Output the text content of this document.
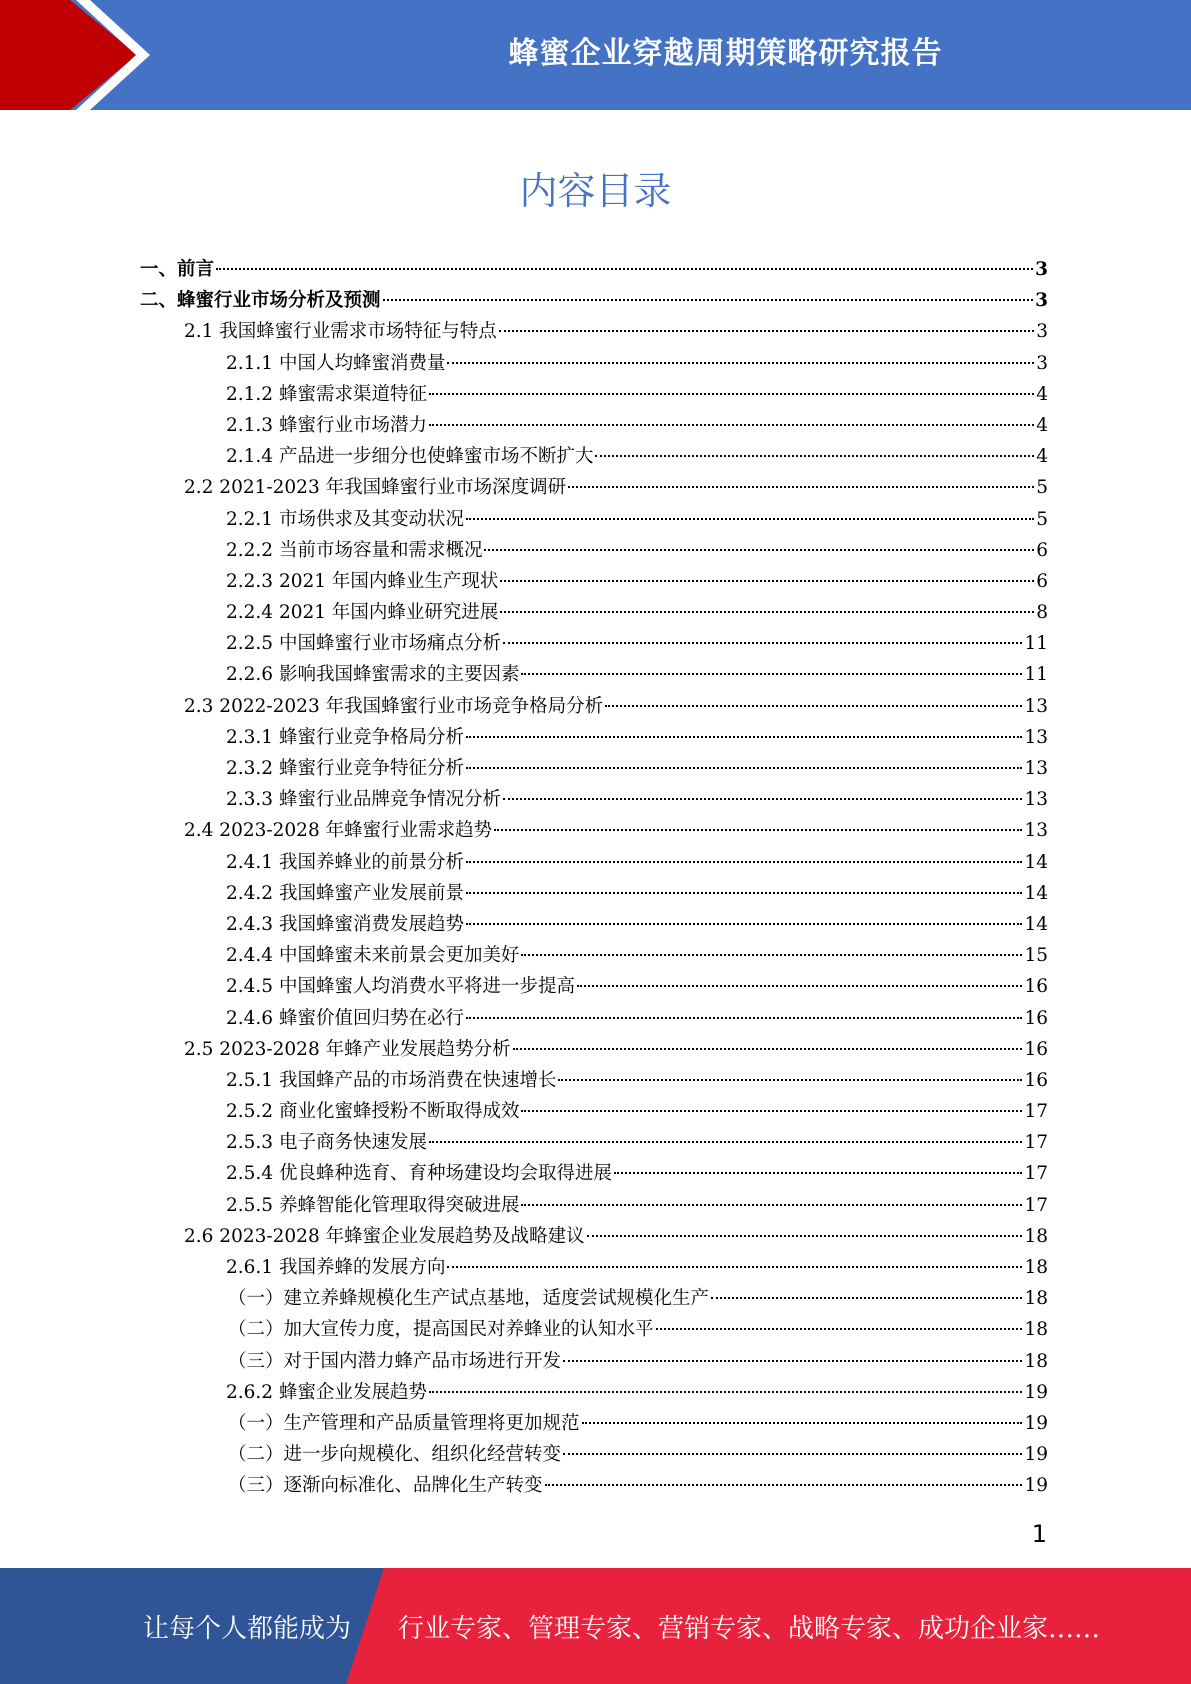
蜂蜜企业穿越周期策略研究报告
内容目录
一、前言	3
二、蜂蜜行业市场分析及预测	3
2.1 我国蜂蜜行业需求市场特征与特点	3
2.1.1 中国人均蜂蜜消费量	3
2.1.2 蜂蜜需求渠道特征	4
2.1.3 蜂蜜行业市场潜力	4
2.1.4 产品进一步细分也使蜂蜜市场不断扩大	4
2.2 2021-2023 年我国蜂蜜行业市场深度调研	5
2.2.1 市场供求及其变动状况	5
2.2.2 当前市场容量和需求概况	6
2.2.3 2021 年国内蜂业生产现状	6
2.2.4 2021 年国内蜂业研究进展	8
2.2.5 中国蜂蜜行业市场痛点分析	11
2.2.6 影响我国蜂蜜需求的主要因素	11
2.3 2022-2023 年我国蜂蜜行业市场竞争格局分析	13
2.3.1 蜂蜜行业竞争格局分析	13
2.3.2 蜂蜜行业竞争特征分析	13
2.3.3 蜂蜜行业品牌竞争情况分析	13
2.4 2023-2028 年蜂蜜行业需求趋势	13
2.4.1 我国养蜂业的前景分析	14
2.4.2 我国蜂蜜产业发展前景	14
2.4.3 我国蜂蜜消费发展趋势	14
2.4.4 中国蜂蜜未来前景会更加美好	15
2.4.5 中国蜂蜜人均消费水平将进一步提高	16
2.4.6 蜂蜜价值回归势在必行	16
2.5 2023-2028 年蜂产业发展趋势分析	16
2.5.1 我国蜂产品的市场消费在快速增长	16
2.5.2 商业化蜜蜂授粉不断取得成效	17
2.5.3 电子商务快速发展	17
2.5.4 优良蜂种选育、育种场建设均会取得进展	17
2.5.5 养蜂智能化管理取得突破进展	17
2.6 2023-2028 年蜂蜜企业发展趋势及战略建议	18
2.6.1 我国养蜂的发展方向	18
（一）建立养蜂规模化生产试点基地，适度尝试规模化生产	18
（二）加大宣传力度，提高国民对养蜂业的认知水平	18
（三）对于国内潜力蜂产品市场进行开发	18
2.6.2 蜂蜜企业发展趋势	19
（一）生产管理和产品质量管理将更加规范	19
（二）进一步向规模化、组织化经营转变	19
（三）逐渐向标准化、品牌化生产转变	19
1
让每个人都能成为 行业专家、管理专家、营销专家、战略专家、成功企业家……
